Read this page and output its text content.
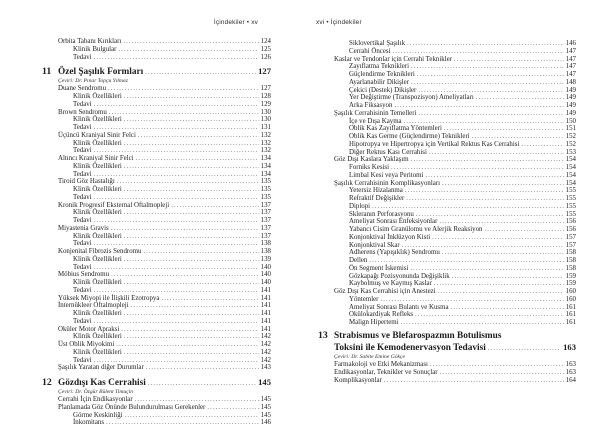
İçindekiler • xv	xvi • İçindekiler
Orbita Tabanı Kırıkları .....	124
Klinik Bulgular .....	125
Tedavi .....	126
11 Özel Şaşılık Formları .....	127
Çeviri: Dr. Pınar Topçu Yılmaz
Duane Sendromu .....	127
Klinik Özellikleri .....	128
Tedavi .....	129
Brown Sendromu .....	130
Klinik Özellikleri .....	130
Tedavi .....	131
Üçüncü Kraniyal Sinir Felci .....	132
Klinik Özellikleri .....	132
Tedavi .....	132
Altıncı Kraniyal Sinir Felci .....	134
Klinik Özellikleri .....	134
Tedavi .....	134
Tiroid Göz Hastalığı .....	135
Klinik Özellikleri .....	135
Tedavi .....	135
Kronik Progresif Eksternal Oftalmopleji .....	137
Klinik Özellikleri .....	137
Tedavi .....	137
Miyastenia Gravis .....	137
Klinik Özellikleri .....	137
Tedavi .....	138
Konjenital Fibrozis Sendromu .....	138
Klinik Özellikleri .....	139
Tedavi .....	140
Möbius Sendromu .....	140
Klinik Özellikleri .....	140
Tedavi .....	141
Yüksek Miyopi ile İlişkili Ezotropya .....	141
İnternükleer Oftalmopleji .....	141
Klinik Özellikleri .....	141
Tedavi .....	141
Oküler Motor Apraksi .....	141
Klinik Özellikleri .....	142
Üst Oblik Miyokimi .....	142
Klinik Özellikleri .....	142
Tedavi .....	142
Şaşılık Yaratan diğer Durumlar .....	143
12 Gözdışı Kas Cerrahisi .....	145
Çeviri: Dr. Özgür Bülent Timuçin
Cerrahi İçin Endikasyonlar .....	145
Planlamada Göz Önünde Bulundurulması Gerekenler .....	145
Görme Keskinliği .....	145
İnkomitans .....	146
Siklovertikal Şaşılık .....	146
Cerrahi Öncesi .....	147
Kaslar ve Tendonlar için Cerrahi Teknikler .....	147
Zayıflatma Teknikleri .....	147
Güçlendirme Teknikleri .....	147
Ayarlanabilir Dikişler .....	148
Çekici (Destek) Dikişler .....	149
Yer Değiştirme (Transpozisyon) Ameliyatları .....	149
Arka Fiksasyon .....	149
Şaşılık Cerrahisinin Temelleri .....	149
İçe ve Dışa Kayma .....	150
Oblik Kas Zayıflatma Yöntemleri .....	151
Oblik Kas Germe (Güçlendirme) Teknikleri .....	152
Hipotropya ve Hipertropya için Vertikal Rektus Kas Cerrahisi .....	152
Diğer Rektus Kası Cerrahisi .....	153
Göz Dışı Kaslara Yaklaşım .....	154
Forniks Kesisi .....	154
Limbal Kesi veya Peritomi .....	154
Şaşılık Cerrahisinin Komplikasyonları .....	154
Yetersiz Hizalanma .....	155
Refraktif Değişikler .....	155
Diplopi .....	155
Skleranın Perforasyonu .....	155
Ameliyat Sonrası Enfeksiyonlar .....	156
Yabancı Cisim Granülomu ve Alerjik Reaksiyon .....	156
Konjonktival İnklüzyon Kisti .....	157
Konjonktival Skar .....	157
Adherens (Yapışıklık) Sendromu .....	158
Dellen .....	158
Ön Segment İskemisi .....	158
Gözkapağı Pozisyonunda Değişiklik .....	159
Kaybolmuş ve Kaymış Kaslar .....	159
Göz Dışı Kas Cerrahisi için Anestezi .....	160
Yöntemler .....	160
Ameliyat Sonrası Bulantı ve Kusma .....	161
Okülokardiyak Refleks .....	161
Malign Hipertemi .....	161
13 Strabismus ve Blefarospazmın Botulismus
Toksini ile Kemodenervasyon Tedavisi .....	163
Çeviri: Dr. Sabite Emine Gökçe
Farmakoloji ve Etki Mekanizması .....	163
Endikasyonlar, Teknikler ve Sonuçlar .....	163
Komplikasyonlar .....	164
